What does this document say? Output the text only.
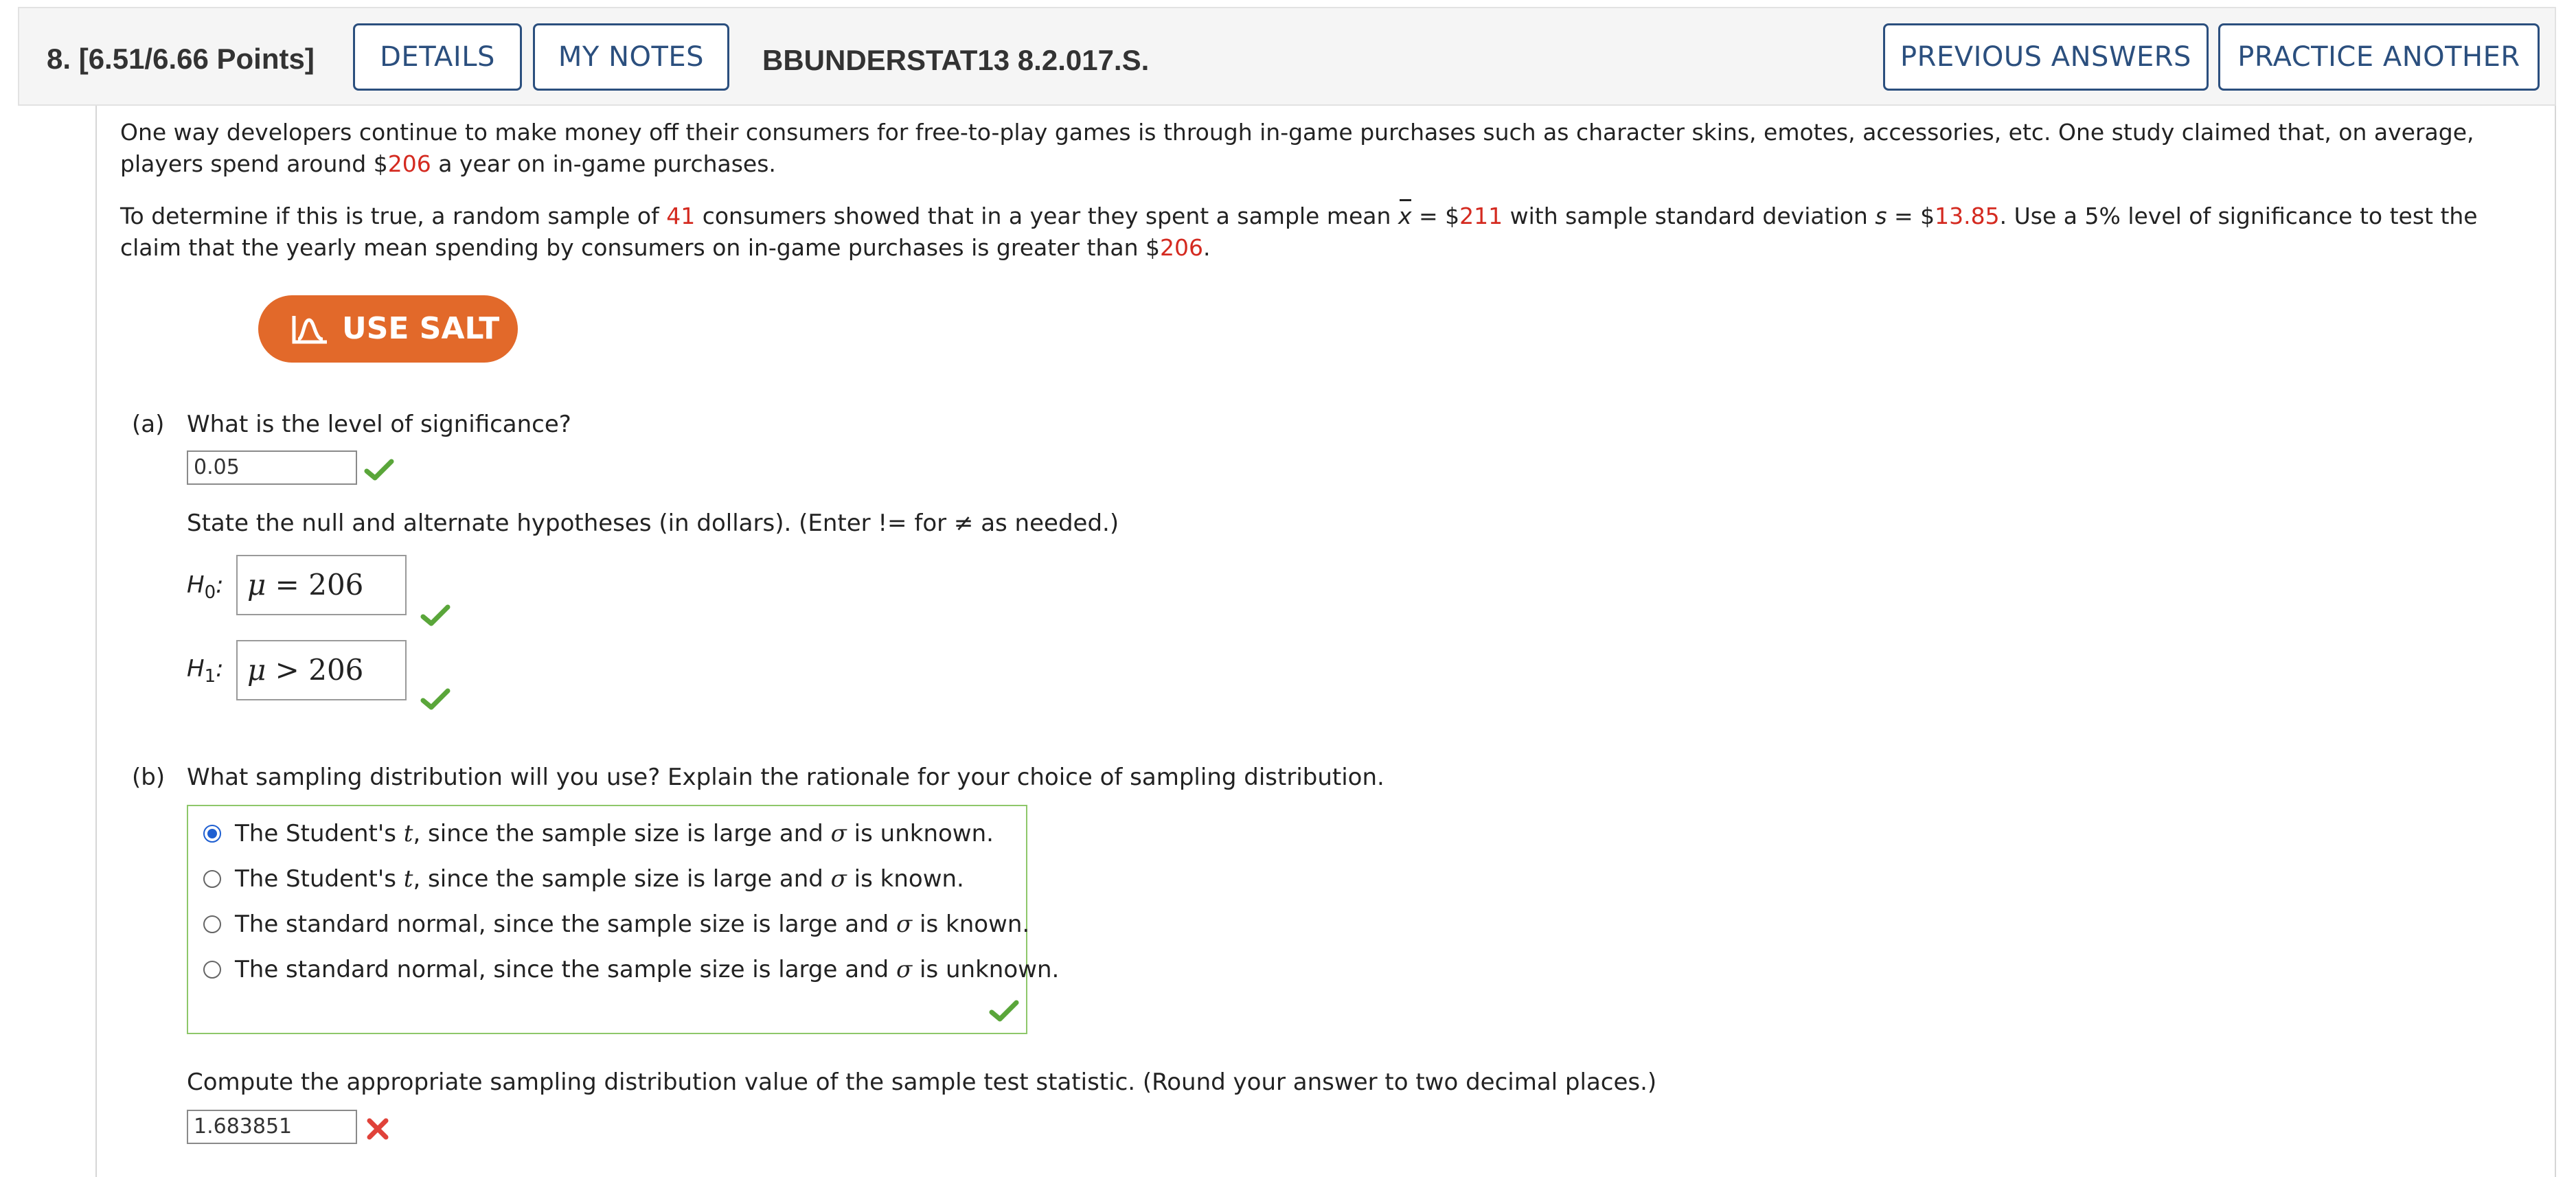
8. [6.51/6.66 Points]	DETAILS	MY NOTES	BBUNDERSTAT13 8.2.017.S.	PREVIOUS ANSWERS	PRACTICE ANOTHER
One way developers continue to make money off their consumers for free-to-play games is through in-game purchases such as character skins, emotes, accessories, etc. One study claimed that, on average, players spend around $206 a year on in-game purchases.
To determine if this is true, a random sample of 41 consumers showed that in a year they spent a sample mean x = $211 with sample standard deviation s = $13.85. Use a 5% level of significance to test the claim that the yearly mean spending by consumers on in-game purchases is greater than $206.
USE SALT
(a) What is the level of significance?
0.05
State the null and alternate hypotheses (in dollars). (Enter != for ≠ as needed.)
$H_0$: μ = 206
$H_1$: μ > 206
(b) What sampling distribution will you use? Explain the rationale for your choice of sampling distribution.
The Student's t, since the sample size is large and σ is unknown.
The Student's t, since the sample size is large and σ is known.
The standard normal, since the sample size is large and σ is known.
The standard normal, since the sample size is large and σ is unknown.
Compute the appropriate sampling distribution value of the sample test statistic. (Round your answer to two decimal places.)
1.683851
